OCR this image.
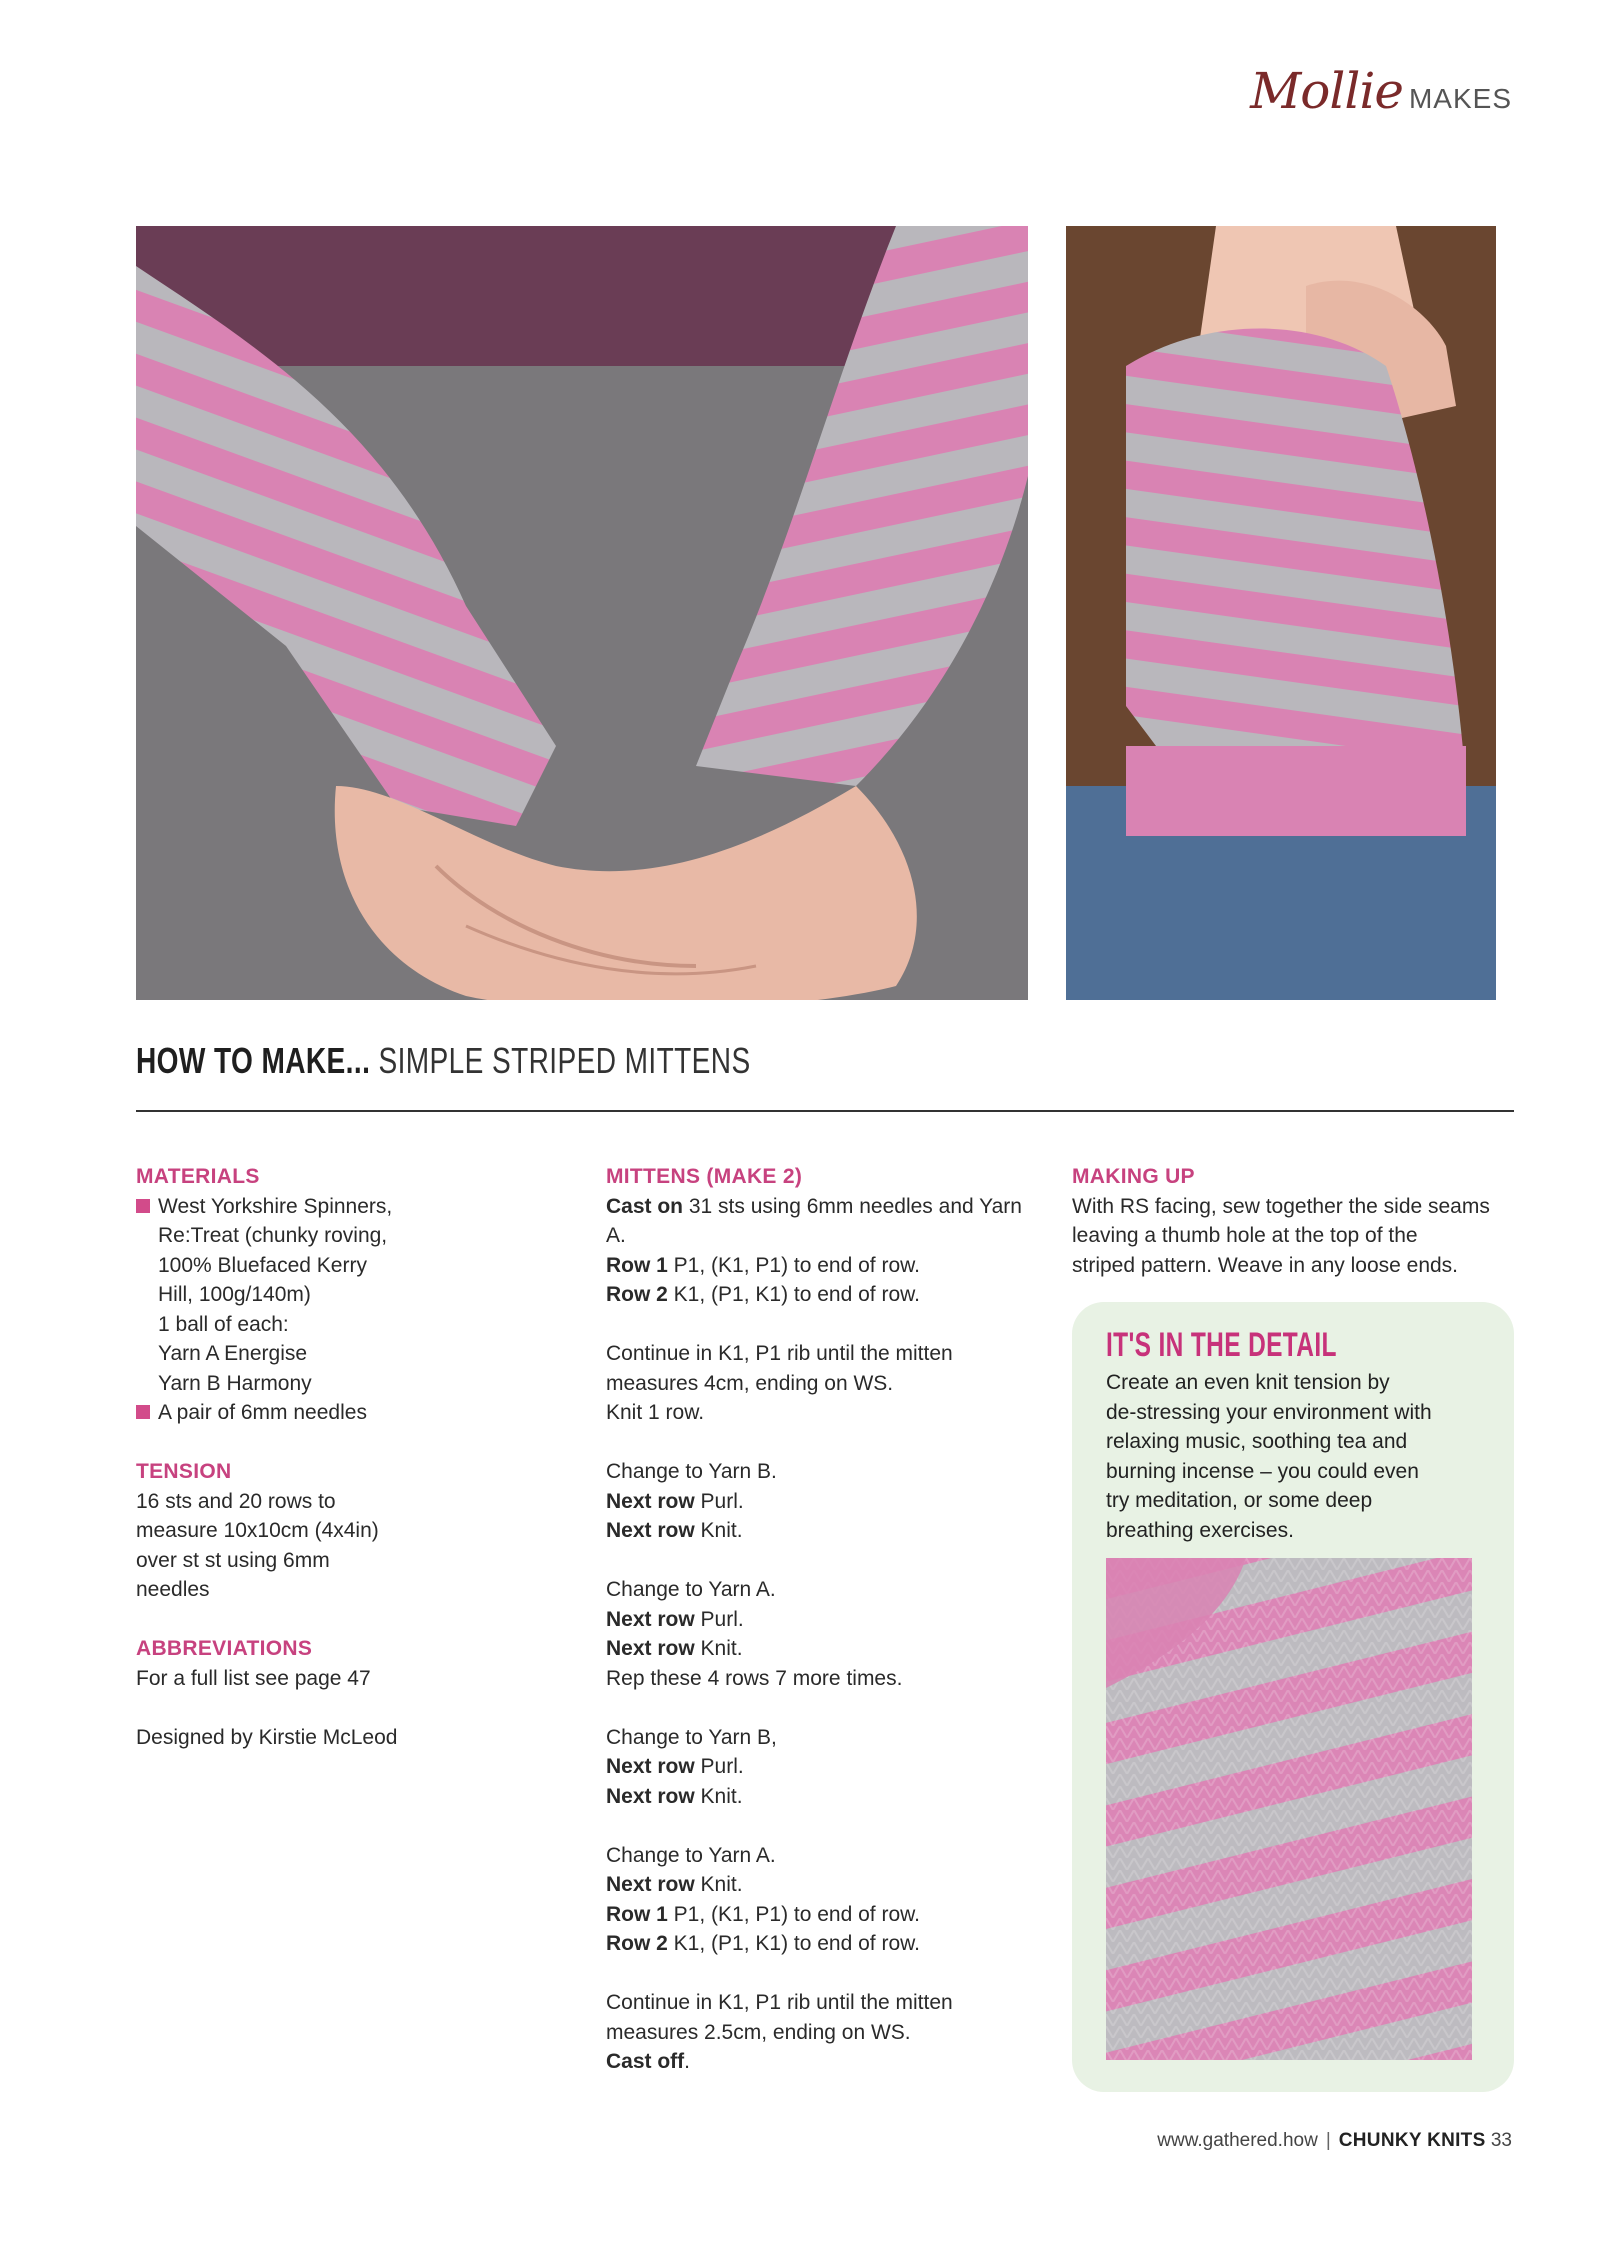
Mollie MAKES
HOW TO MAKE... SIMPLE STRIPED MITTENS

MATERIALS

West Yorkshire Spinners,

Re:Treat (chunky roving,

100% Bluefaced Kerry

Hill, 100g/140m)

1 ball of each:

Yarn A Energise

Yarn B Harmony

A pair of 6mm needles

TENSION

16 sts and 20 rows to

measure 10x10cm (4x4in)

over st st using 6mm

needles

ABBREVIATIONS

For a full list see page 47

Designed by Kirstie McLeod

MITTENS (MAKE 2)

Cast on 31 sts using 6mm needles and Yarn A.

Row 1 P1, (K1, P1) to end of row.

Row 2 K1, (P1, K1) to end of row.

Continue in K1, P1 rib until the mitten

measures 4cm, ending on WS.

Knit 1 row.

Change to Yarn B.

Next row Purl.

Next row Knit.

Change to Yarn A.

Next row Purl.

Next row Knit.

Rep these 4 rows 7 more times.

Change to Yarn B,

Next row Purl.

Next row Knit.

Change to Yarn A.

Next row Knit.

Row 1 P1, (K1, P1) to end of row.

Row 2 K1, (P1, K1) to end of row.

Continue in K1, P1 rib until the mitten

measures 2.5cm, ending on WS.

Cast off.

MAKING UP

With RS facing, sew together the side seams

leaving a thumb hole at the top of the

striped pattern. Weave in any loose ends.

IT'S IN THE DETAIL
Create an even knit tension by
de-stressing your environment with
relaxing music, soothing tea and
burning incense – you could even
try meditation, or some deep
breathing exercises.
www.gathered.how | CHUNKY KNITS 33
